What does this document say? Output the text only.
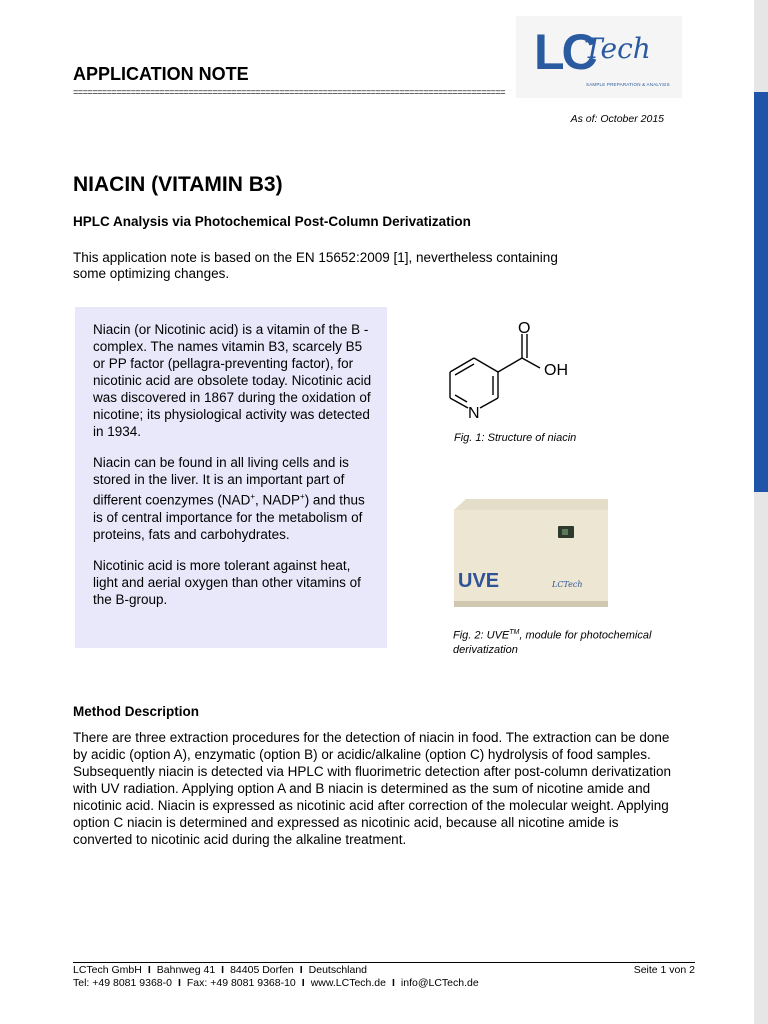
LC
Tech
SAMPLE PREPARATION & ANALYSIS
APPLICATION NOTE
==========================================================================================
As of: October 2015
NIACIN (VITAMIN B3)
HPLC Analysis via Photochemical Post-Column Derivatization
This application note is based on the EN 15652:2009 [1], nevertheless containing some optimizing changes.

Niacin (or Nicotinic acid) is a vitamin of the B -complex. The names vitamin B3, scarcely B5 or PP factor (pellagra-preventing factor), for nicotinic acid are obsolete today. Nicotinic acid was discovered in 1867 during the oxidation of nicotine; its physiological activity was detected in 1934.

Niacin can be found in all living cells and is stored in the liver. It is an important part of different coenzymes (NAD+, NADP+) and thus is of central importance for the metabolism of proteins, fats and carbohydrates.

Nicotinic acid is more tolerant against heat, light and aerial oxygen than other vitamins of the B-group.

O
OH
N
Fig. 1: Structure of niacin
UVE	LCTech
Fig. 2: UVE™, module for photochemical derivatization
Method Description
There are three extraction procedures for the detection of niacin in food. The extraction can be done by acidic (option A), enzymatic (option B) or acidic/alkaline (option C) hydrolysis of food samples. Subsequently niacin is detected via HPLC with fluorimetric detection after post-column derivatization with UV radiation. Applying option A and B niacin is determined as the sum of nicotine amide and nicotinic acid. Niacin is expressed as nicotinic acid after correction of the molecular weight. Applying option C niacin is determined and expressed as nicotinic acid, because all nicotine amide is converted to nicotinic acid during the alkaline treatment.
LCTech GmbH I Bahnweg 41 I 84405 Dorfen I Deutschland	Seite 1 von 2
Tel: +49 8081 9368-0 I Fax: +49 8081 9368-10 I www.LCTech.de I info@LCTech.de
